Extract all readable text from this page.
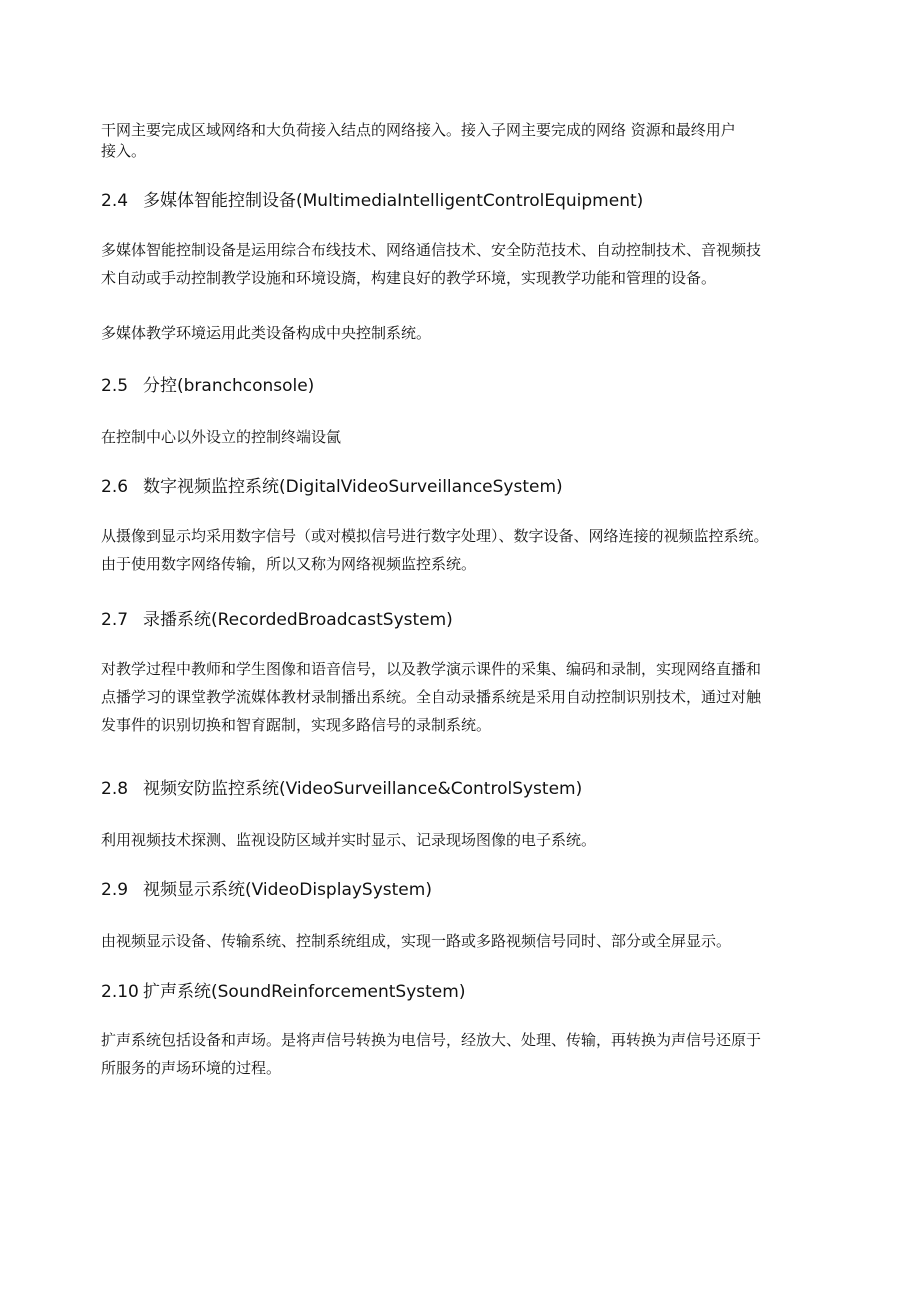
干网主要完成区域网络和大负荷接入结点的网络接入。接入子网主要完成的网络 资源和最终用户
接入。
2.4 多媒体智能控制设备(MultimediaIntelligentControlEquipment)
多媒体智能控制设备是运用综合布线技术、网络通信技术、安全防范技术、自动控制技术、音视频技
术自动或手动控制教学设施和环境设旖，构建良好的教学环境，实现教学功能和管理的设备。
多媒体教学环境运用此类设备构成中央控制系统。
2.5 分控(branchconsole)
在控制中心以外设立的控制终端设氤
2.6 数字视频监控系统(DigitalVideoSurveillanceSystem)
从摄像到显示均采用数字信号（或对模拟信号进行数字处理）、数字设备、网络连接的视频监控系统。
由于使用数字网络传输，所以又称为网络视频监控系统。
2.7 录播系统(RecordedBroadcastSystem)
对教学过程中教师和学生图像和语音信号，以及教学演示课件的采集、编码和录制，实现网络直播和
点播学习的课堂教学流媒体教材录制播出系统。全自动录播系统是采用自动控制识别技术，通过对触
发事件的识别切换和智育踞制，实现多路信号的录制系统。
2.8 视频安防监控系统(VideoSurveillance&ControlSystem)
利用视频技术探测、监视设防区域并实时显示、记录现场图像的电子系统。
2.9 视频显示系统(VideoDisplaySystem)
由视频显示设备、传输系统、控制系统组成，实现一路或多路视频信号同时、部分或全屏显示。
2.10 扩声系统(SoundReinforcementSystem)
扩声系统包括设备和声场。是将声信号转换为电信号，经放大、处理、传输，再转换为声信号还原于
所服务的声场环境的过程。
